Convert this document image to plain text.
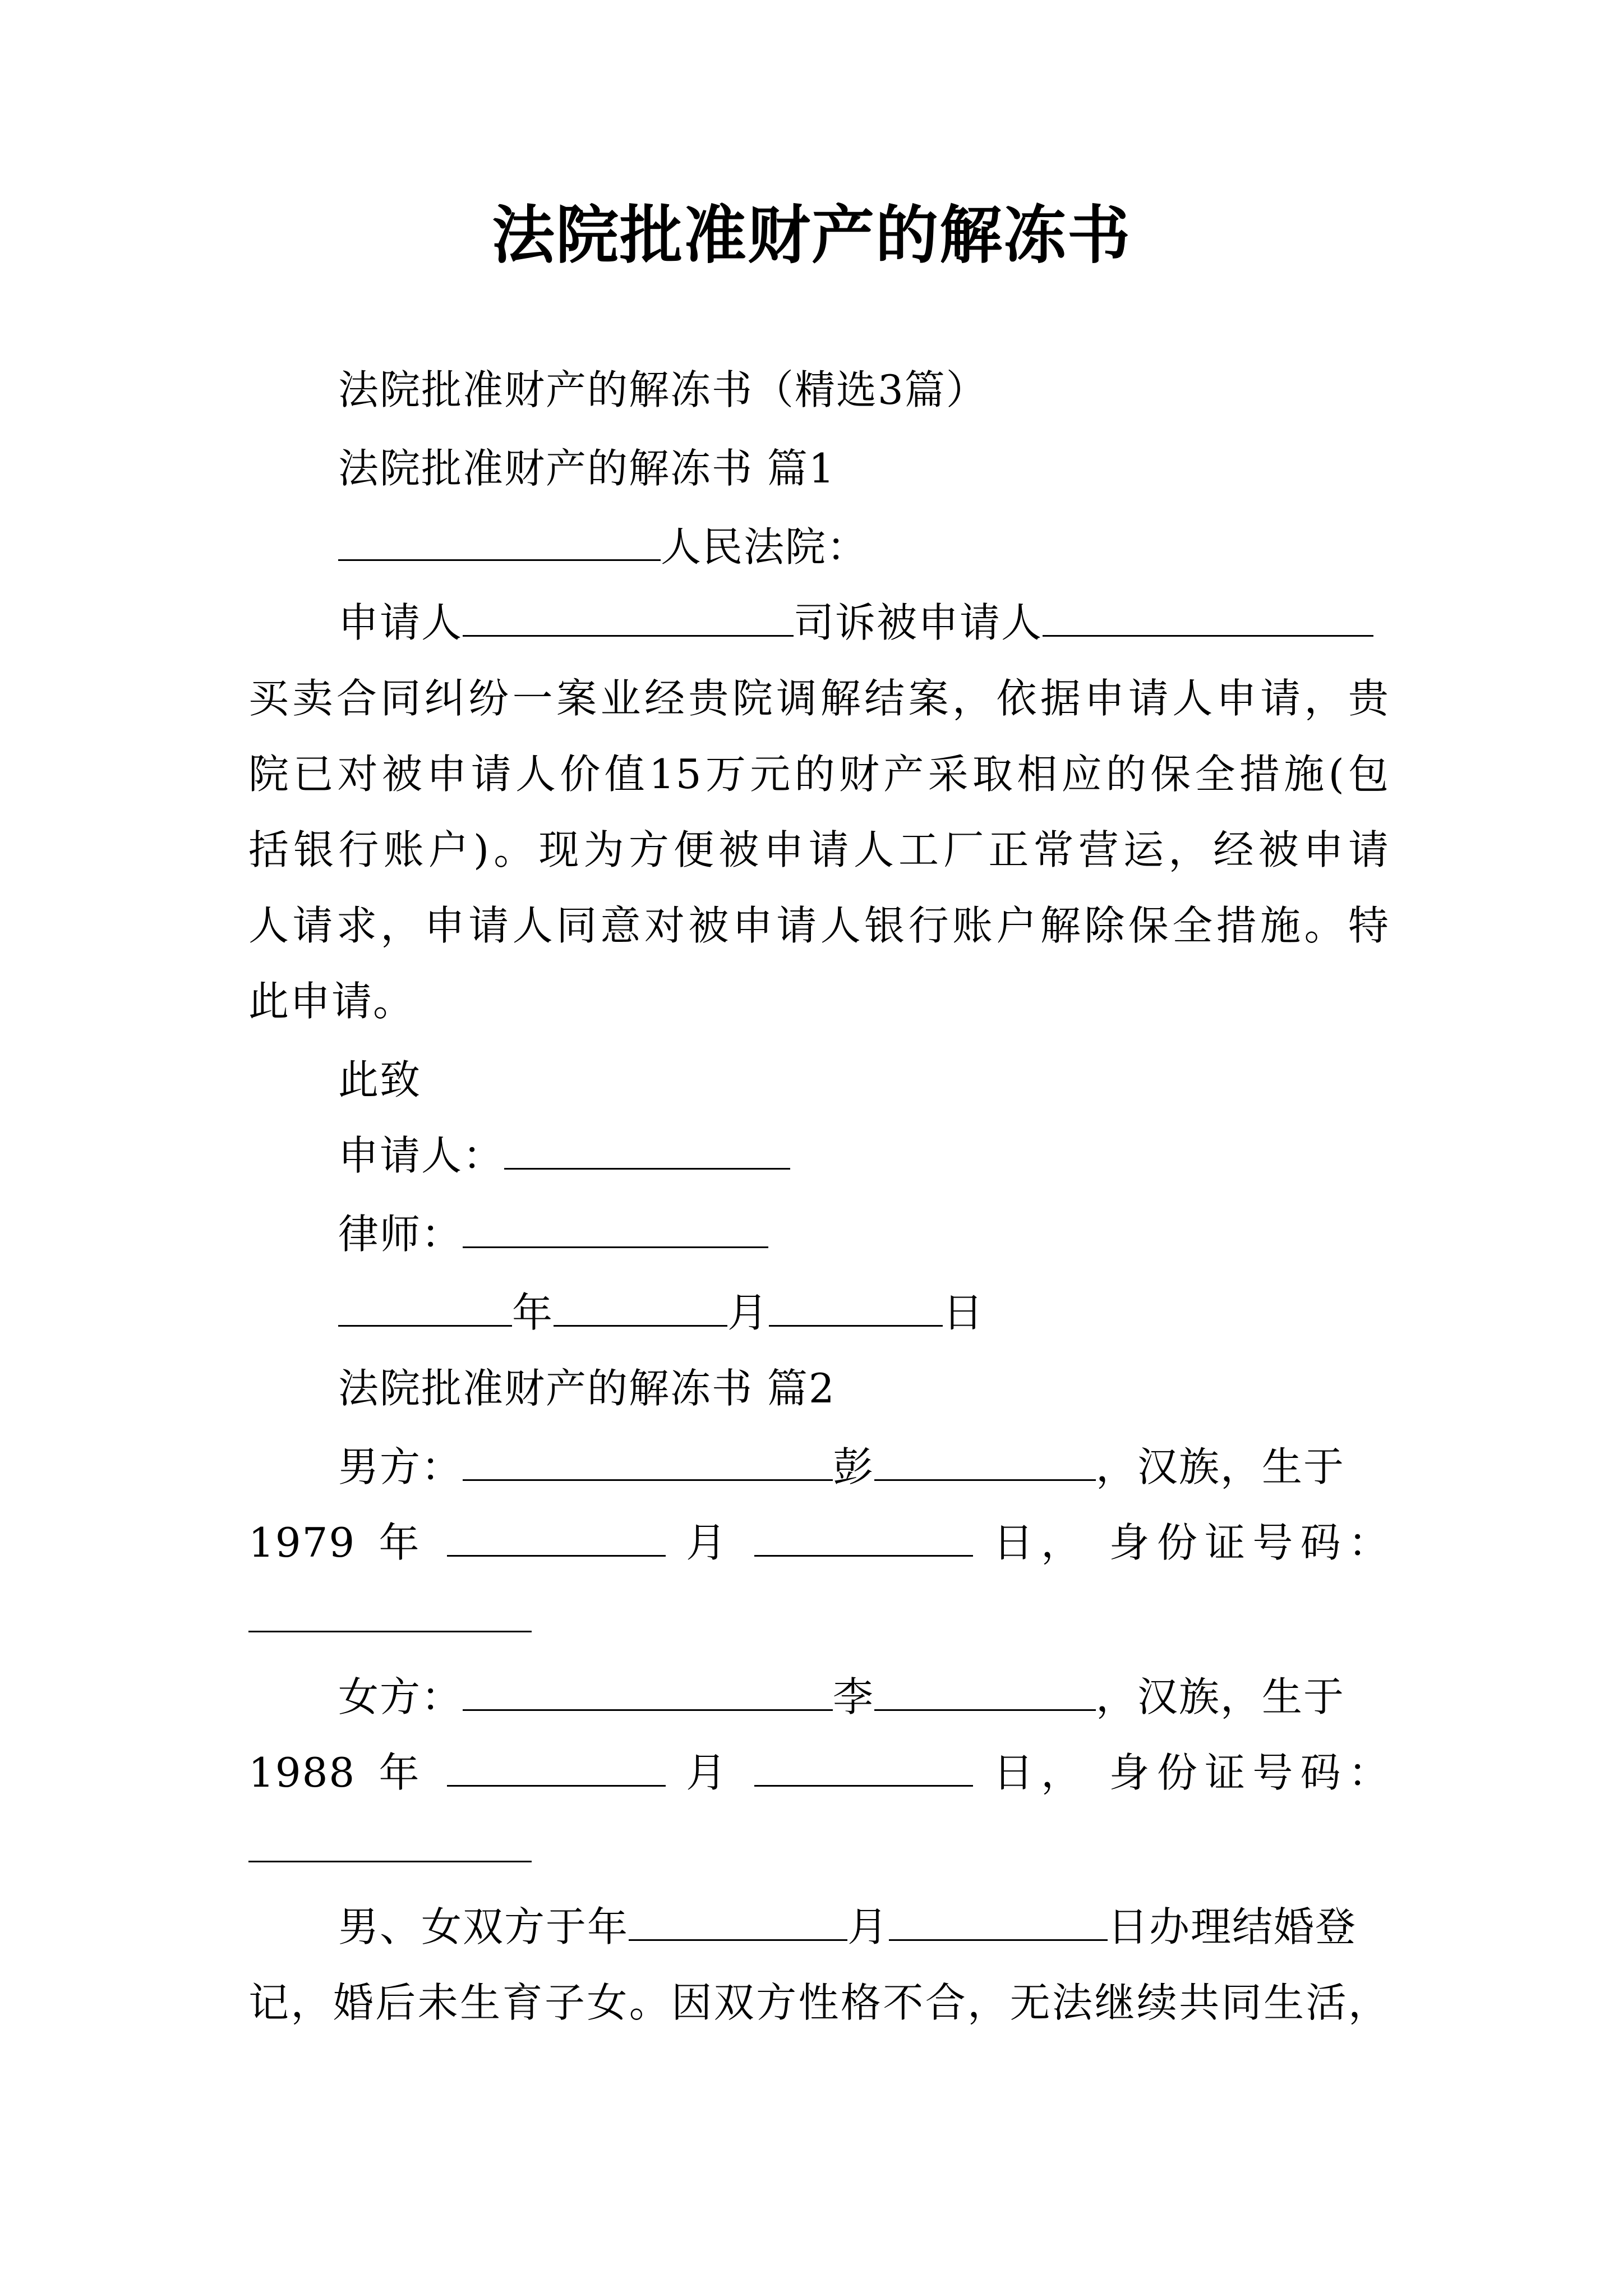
法院批准财产的解冻书
法院批准财产的解冻书（精选3篇）
法院批准财产的解冻书 篇1
人民法院：
申请人	司诉被申请人
买卖合同纠纷一案业经贵院调解结案，依据申请人申请，贵
院已对被申请人价值15万元的财产采取相应的保全措施(包
括银行账户)。现为方便被申请人工厂正常营运，经被申请
人请求，申请人同意对被申请人银行账户解除保全措施。特
此申请。
此致
申请人：
律师：
年	月	日
法院批准财产的解冻书 篇2
男方：	彭	，汉族，生于
1979 年	月	日， 身份证号码：
女方：	李	，汉族，生于
1988 年	月	日， 身份证号码：
男、女双方于年	月	日办理结婚登
记，婚后未生育子女。因双方性格不合，无法继续共同生活，
